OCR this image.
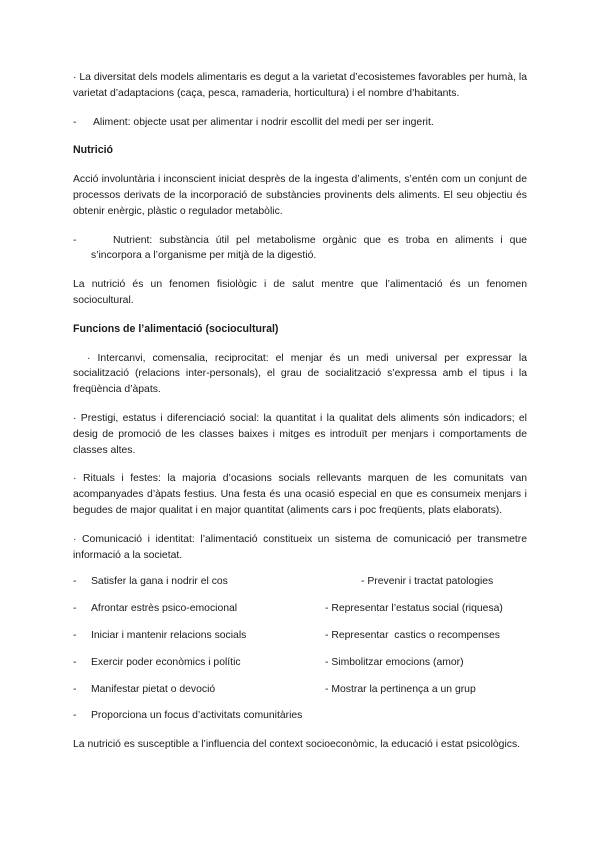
· La diversitat dels models alimentaris es degut a la varietat d’ecosistemes favorables per humà, la varietat d’adaptacions (caça, pesca, ramaderia, horticultura) i el nombre d’habitants.

-	Aliment: objecte usat per alimentar i nodrir escollit del medi per ser ingerit.

Nutrició

Acció involuntària i inconscient iniciat desprès de la ingesta d’aliments, s’entén com un conjunt de processos derivats de la incorporació de substàncies provinents dels aliments. El seu objectiu és obtenir enèrgic, plàstic o regulador metabòlic.

-	Nutrient: substància útil pel metabolisme orgànic que es troba en aliments i que s’incorpora a l’organisme per mitjà de la digestió.

La nutrició és un fenomen fisiològic i de salut mentre que l’alimentació és un fenomen sociocultural.

Funcions de l’alimentació (sociocultural)

· Intercanvi, comensalia, reciprocitat: el menjar és un medi universal per expressar la socialització (relacions inter-personals), el grau de socialització s’expressa amb el tipus i la freqüència d’àpats.

· Prestigi, estatus i diferenciació social: la quantitat i la qualitat dels aliments són indicadors; el desig de promoció de les classes baixes i mitges es introduït per menjars i comportaments de classes altes.

· Rituals i festes: la majoria d’ocasions socials rellevants marquen de les comunitats van acompanyades d’àpats festius. Una festa és una ocasió especial en que es consumeix menjars i begudes de major qualitat i en major quantitat (aliments cars i poc freqüents, plats elaborats).

· Comunicació i identitat: l’alimentació constitueix un sistema de comunicació per transmetre informació a la societat.

-	Satisfer la gana i nodrir el cos	- Prevenir i tractat patologies
-	Afrontar estrès psico-emocional	- Representar l’estatus social (riquesa)
-	Iniciar i mantenir relacions socials	- Representar  castics o recompenses
-	Exercir poder econòmics i polític	- Simbolitzar emocions (amor)
-	Manifestar pietat o devoció	- Mostrar la pertinença a un grup
-	Proporciona un focus d’activitats comunitàries

La nutrició es susceptible a l’influencia del context socioeconòmic, la educació i estat psicològics.
